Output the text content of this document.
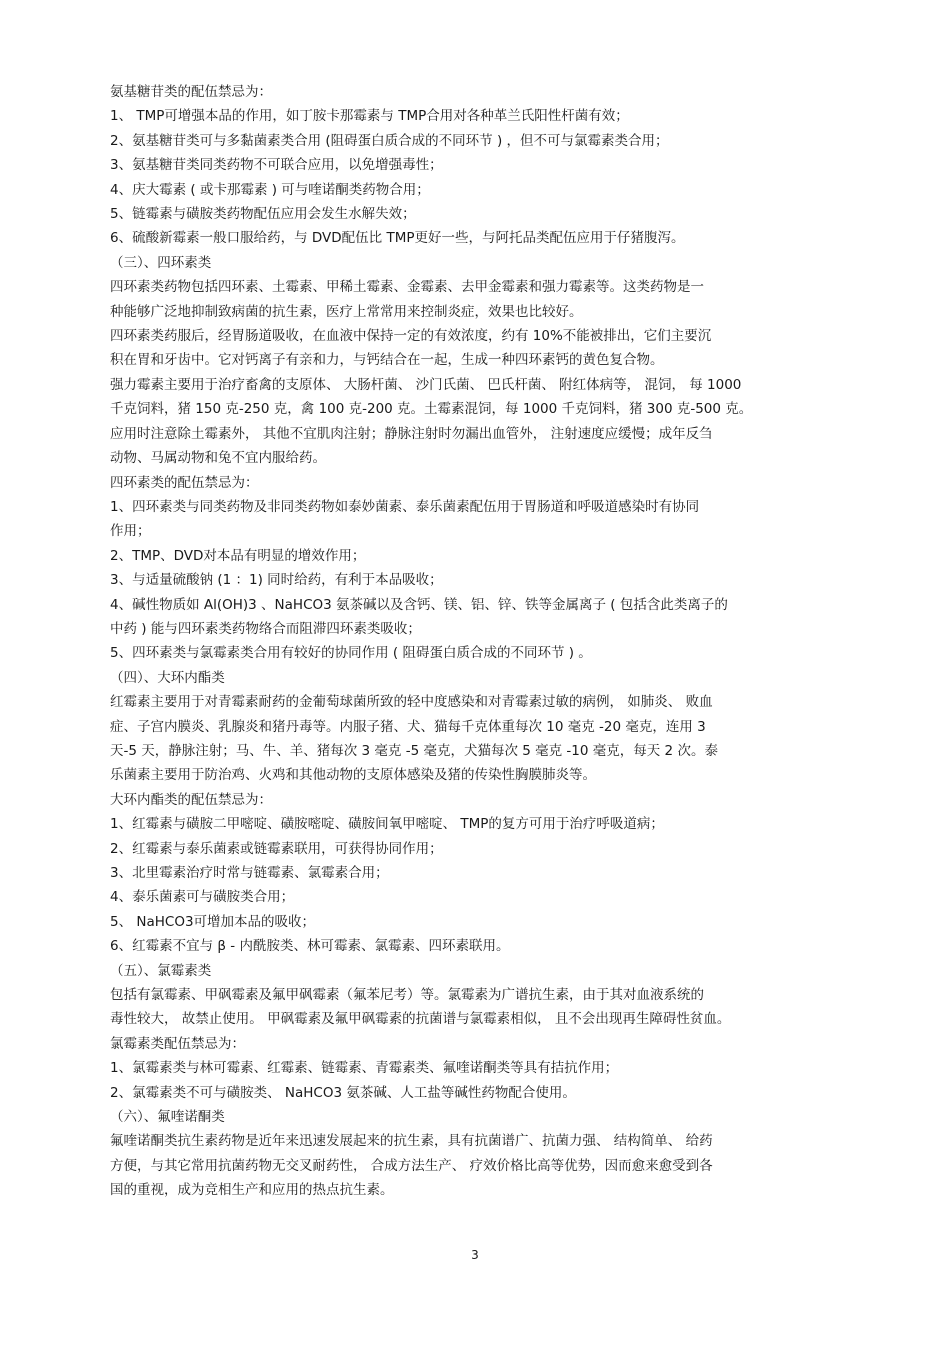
氨基糖苷类的配伍禁忌为：
1、 TMP可增强本品的作用，如丁胺卡那霉素与 TMP合用对各种革兰氏阳性杆菌有效；
2、氨基糖苷类可与多黏菌素类合用 (阻碍蛋白质合成的不同环节 ) ，但不可与氯霉素类合用；
3、氨基糖苷类同类药物不可联合应用，以免增强毒性；
4、庆大霉素 ( 或卡那霉素 ) 可与喹诺酮类药物合用；
5、链霉素与磺胺类药物配伍应用会发生水解失效；
6、硫酸新霉素一般口服给药，与 DVD配伍比 TMP更好一些，与阿托品类配伍应用于仔猪腹泻。
（三）、四环素类
四环素类药物包括四环素、土霉素、甲稀土霉素、金霉素、去甲金霉素和强力霉素等。这类药物是一
种能够广泛地抑制致病菌的抗生素，医疗上常常用来控制炎症，效果也比较好。
四环素类药服后，经胃肠道吸收，在血液中保持一定的有效浓度，约有 10%不能被排出，它们主要沉
积在胃和牙齿中。它对钙离子有亲和力，与钙结合在一起，生成一种四环素钙的黄色复合物。
强力霉素主要用于治疗畜禽的支原体、 大肠杆菌、 沙门氏菌、 巴氏杆菌、 附红体病等， 混饲， 每 1000
千克饲料，猪 150 克-250 克，禽 100 克-200 克。土霉素混饲，每 1000 千克饲料，猪 300 克-500 克。
应用时注意除土霉素外， 其他不宜肌肉注射；静脉注射时勿漏出血管外， 注射速度应缓慢；成年反刍
动物、马属动物和兔不宜内服给药。
四环素类的配伍禁忌为：
1、四环素类与同类药物及非同类药物如泰妙菌素、泰乐菌素配伍用于胃肠道和呼吸道感染时有协同
作用；
2、TMP、DVD对本品有明显的增效作用；
3、与适量硫酸钠 (1 ：1) 同时给药，有利于本品吸收；
4、碱性物质如 Al(OH)3 、NaHCO3 氨茶碱以及含钙、镁、铝、锌、铁等金属离子 ( 包括含此类离子的
中药 ) 能与四环素类药物络合而阻滞四环素类吸收；
5、四环素类与氯霉素类合用有较好的协同作用 ( 阻碍蛋白质合成的不同环节 ) 。
（四）、大环内酯类
红霉素主要用于对青霉素耐药的金葡萄球菌所致的轻中度感染和对青霉素过敏的病例， 如肺炎、 败血
症、子宫内膜炎、乳腺炎和猪丹毒等。内服子猪、犬、猫每千克体重每次 10 毫克 -20 毫克，连用 3
天-5 天，静脉注射；马、牛、羊、猪每次 3 毫克 -5 毫克，犬猫每次 5 毫克 -10 毫克，每天 2 次。泰
乐菌素主要用于防治鸡、火鸡和其他动物的支原体感染及猪的传染性胸膜肺炎等。
大环内酯类的配伍禁忌为：
1、红霉素与磺胺二甲嘧啶、磺胺嘧啶、磺胺间氧甲嘧啶、 TMP的复方可用于治疗呼吸道病；
2、红霉素与泰乐菌素或链霉素联用，可获得协同作用；
3、北里霉素治疗时常与链霉素、氯霉素合用；
4、泰乐菌素可与磺胺类合用；
5、 NaHCO3可增加本品的吸收；
6、红霉素不宜与 β - 内酰胺类、林可霉素、氯霉素、四环素联用。
（五）、氯霉素类
包括有氯霉素、甲砜霉素及氟甲砜霉素（氟苯尼考）等。氯霉素为广谱抗生素，由于其对血液系统的
毒性较大， 故禁止使用。 甲砜霉素及氟甲砜霉素的抗菌谱与氯霉素相似， 且不会出现再生障碍性贫血。
氯霉素类配伍禁忌为：
1、氯霉素类与林可霉素、红霉素、链霉素、青霉素类、氟喹诺酮类等具有拮抗作用；
2、氯霉素类不可与磺胺类、 NaHCO3 氨茶碱、人工盐等碱性药物配合使用。
（六）、氟喹诺酮类
氟喹诺酮类抗生素药物是近年来迅速发展起来的抗生素，具有抗菌谱广、抗菌力强、 结构简单、 给药
方便，与其它常用抗菌药物无交叉耐药性， 合成方法生产、 疗效价格比高等优势，因而愈来愈受到各
国的重视，成为竞相生产和应用的热点抗生素。
3
